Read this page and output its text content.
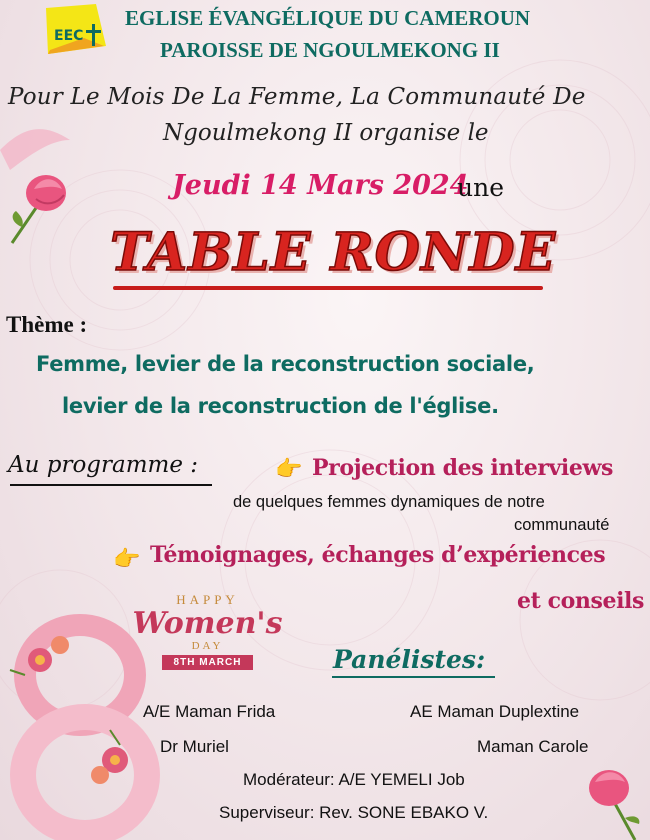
EEC
EGLISE ÉVANGÉLIQUE DU CAMEROUN
PAROISSE DE NGOULMEKONG II
Pour Le Mois De La Femme, La Communauté De
Ngoulmekong II organise le
Jeudi 14 Mars 2024
une
TABLE RONDE
Thème :
Femme, levier de la reconstruction sociale,
levier de la reconstruction de l'église.
Au programme :	👉 Projection des interviews
de quelques femmes dynamiques de notre
communauté
👉 Témoignages, échanges d’expériences
et conseils
HAPPY
Women's
DAY
8TH MARCH	Panélistes:
A/E Maman Frida	AE Maman Duplextine
Dr Muriel	Maman Carole
Modérateur: A/E YEMELI Job
Superviseur: Rev. SONE EBAKO V.
